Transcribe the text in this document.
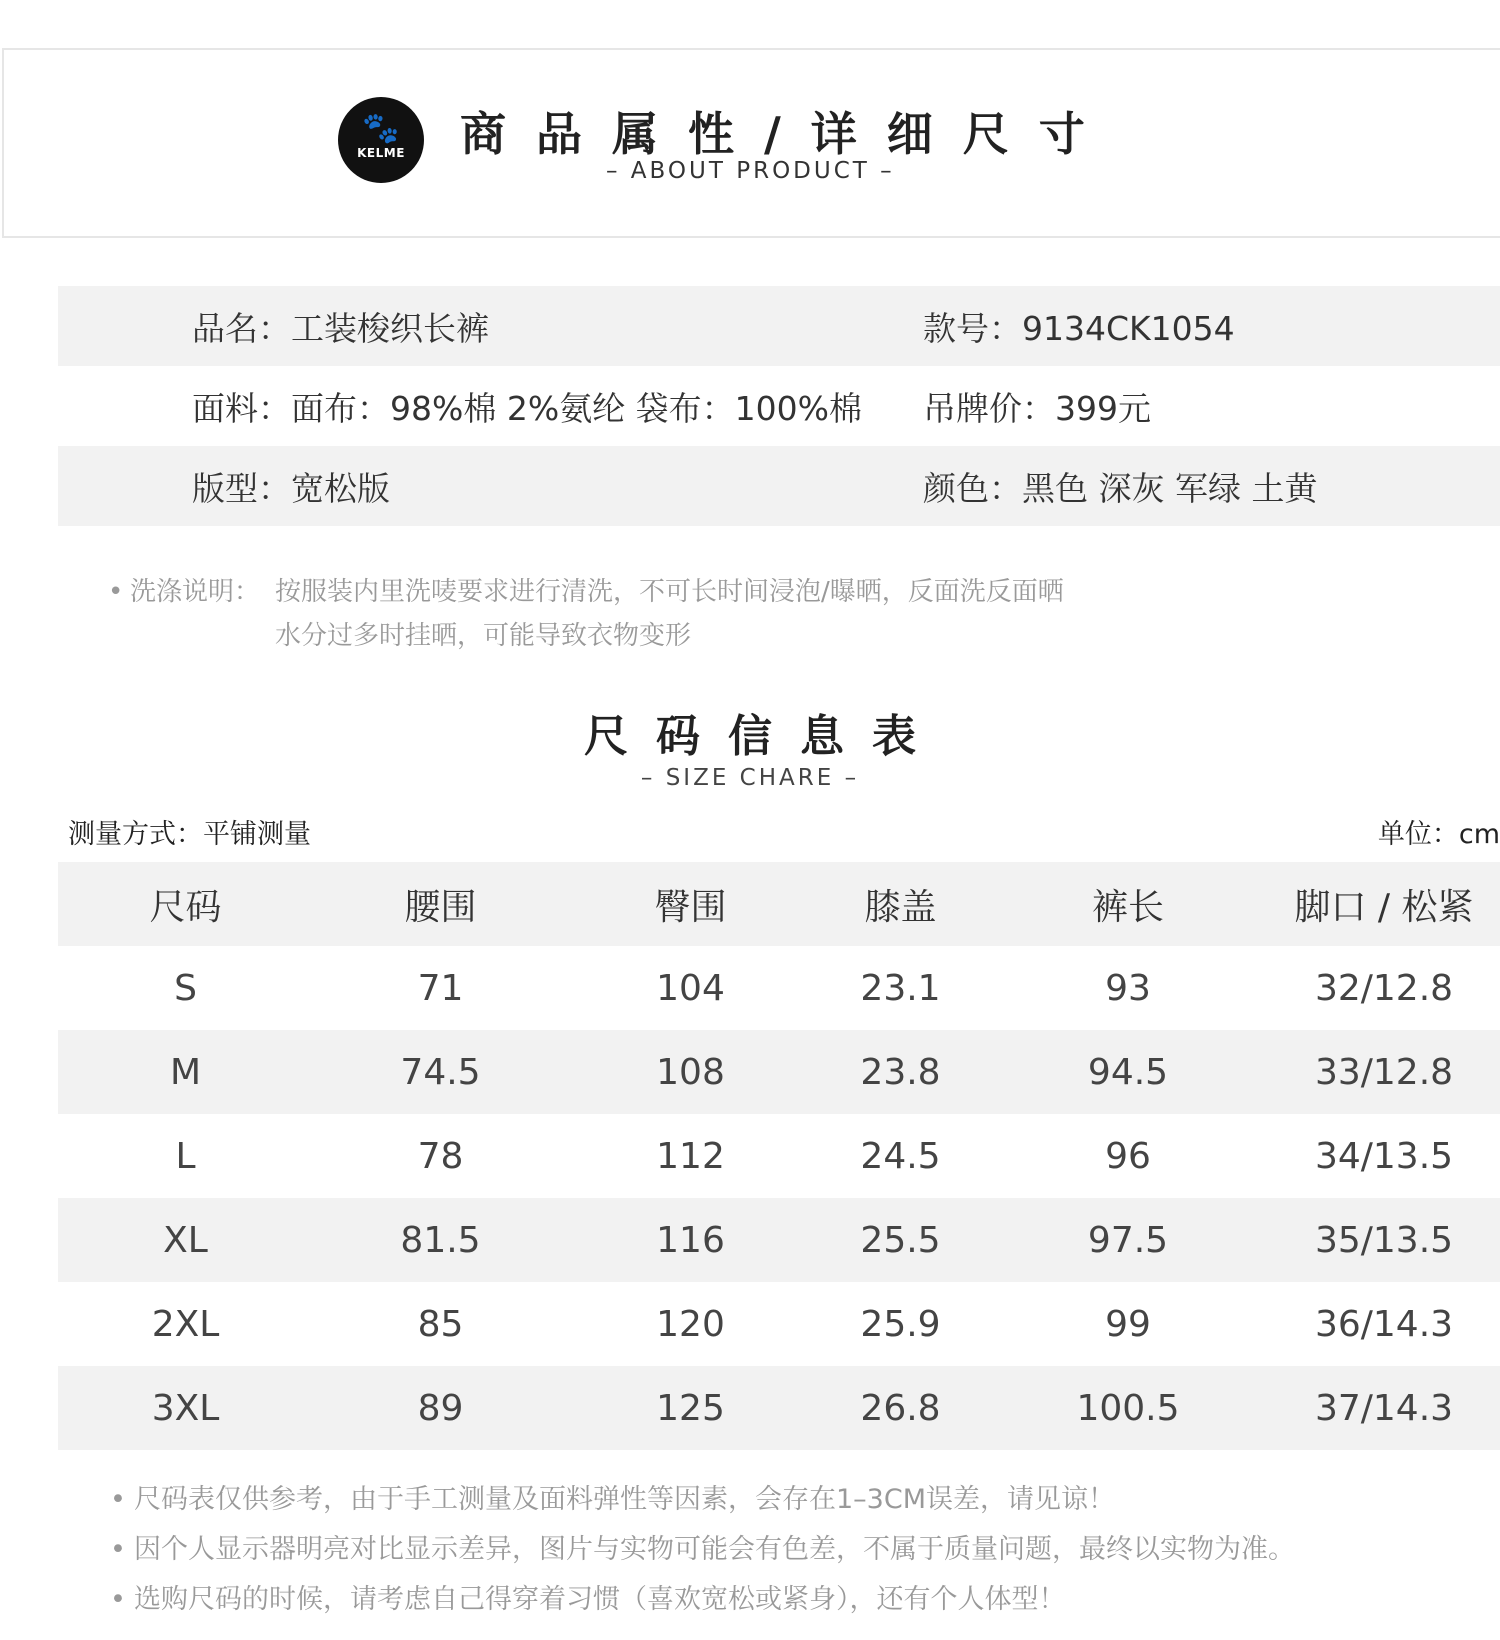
🐾
KELME 商品属性/详细尺寸
– ABOUT PRODUCT –
品名：工装梭织长裤	款号：9134CK1054
面料：面布：98%棉 2%氨纶 袋布：100%棉 吊牌价：399元
版型：宽松版	颜色：黑色 深灰 军绿 土黄
• 洗涤说明： 按服装内里洗唛要求进行清洗，不可长时间浸泡/曝晒，反面洗反面晒
水分过多时挂晒，可能导致衣物变形
尺码信息表
– SIZE CHARE –
测量方式：平铺测量	单位：cm
尺码	腰围	臀围	膝盖	裤长	脚口 / 松紧
S	71	104	23.1	93	32/12.8
M	74.5	108	23.8	94.5	33/12.8
L	78	112	24.5	96	34/13.5
XL	81.5	116	25.5	97.5	35/13.5
2XL	85	120	25.9	99	36/14.3
3XL	89	125	26.8	100.5	37/14.3
• 尺码表仅供参考，由于手工测量及面料弹性等因素，会存在1–3CM误差，请见谅！
• 因个人显示器明亮对比显示差异，图片与实物可能会有色差，不属于质量问题，最终以实物为准。
• 选购尺码的时候，请考虑自己得穿着习惯（喜欢宽松或紧身），还有个人体型！
